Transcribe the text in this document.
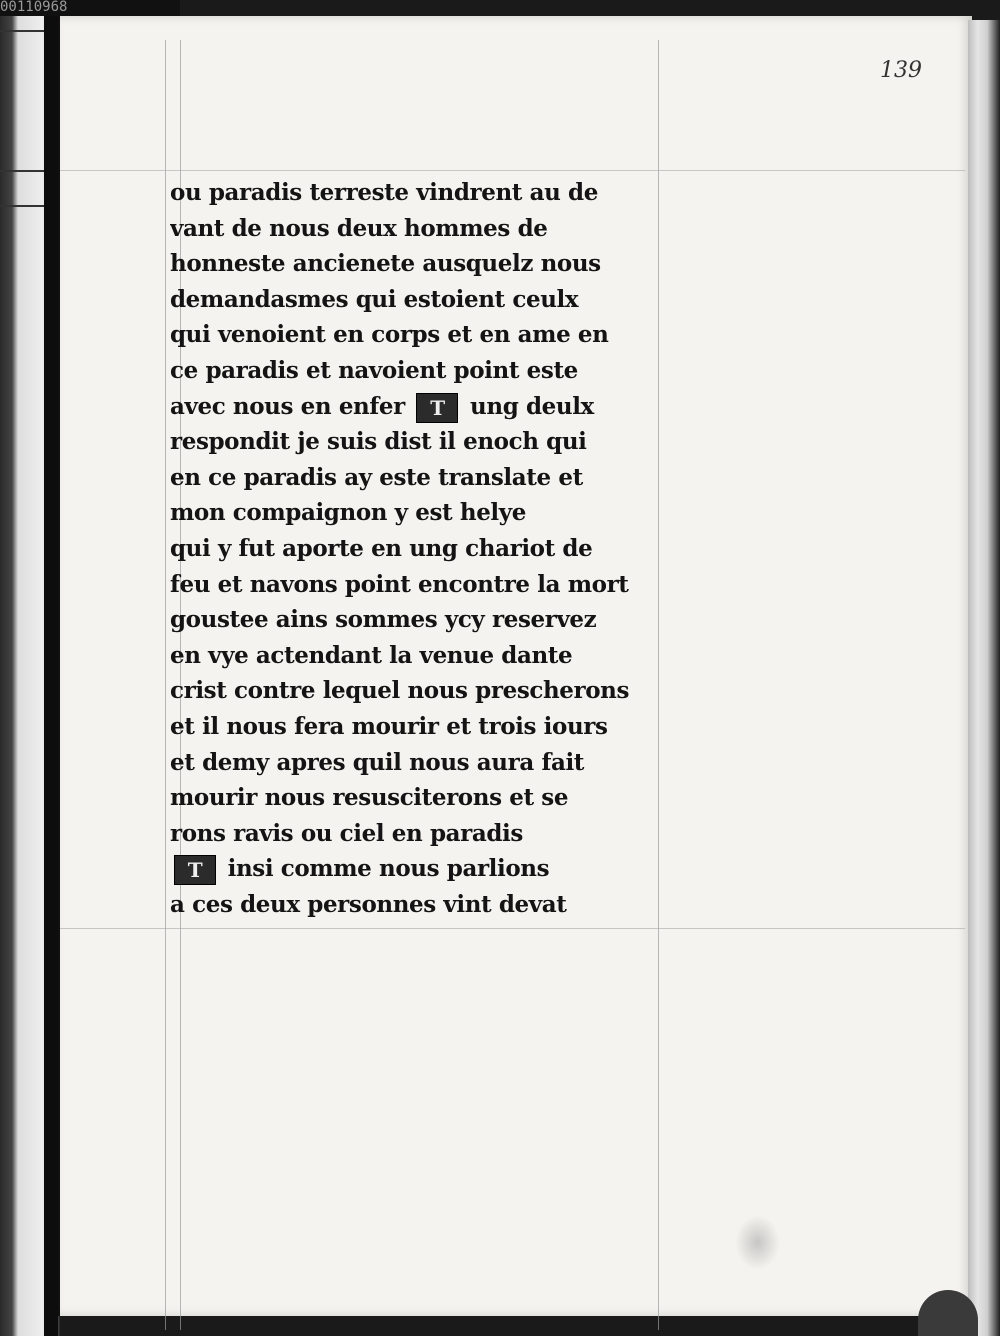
00110968
139
ou paradis terreste vindrent au de
vant de nous deux hommes de
honneste ancienete ausquelz nous
demandasmes qui estoient ceulx
qui venoient en corps et en ame en
ce paradis et navoient point este
avec nous en enfer T ung deulx
respondit je suis dist il enoch qui
en ce paradis ay este translate et
mon compaignon y est helye
qui y fut aporte en ung chariot de
feu et navons point encontre la mort
goustee ains sommes ycy reservez
en vye actendant la venue dante
crist contre lequel nous prescherons
et il nous fera mourir et trois iours
et demy apres quil nous aura fait
mourir nous resusciterons et se
rons ravis ou ciel en paradis
T insi comme nous parlions
a ces deux personnes vint devat
